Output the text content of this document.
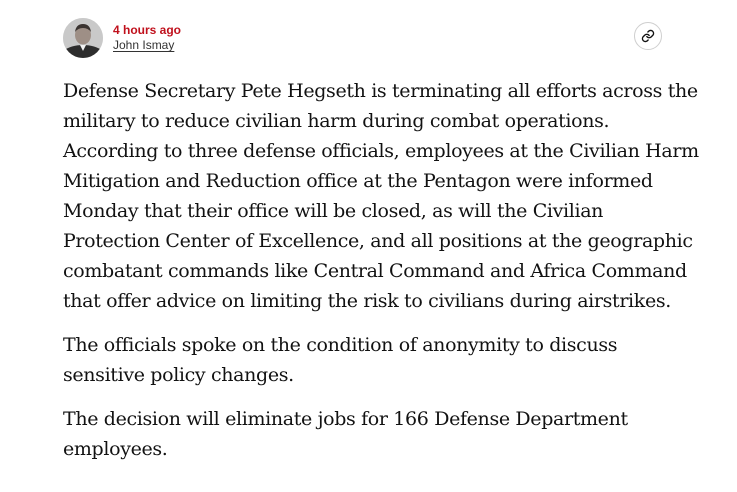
4 hours ago
John Ismay

Defense Secretary Pete Hegseth is terminating all efforts across the military to reduce civilian harm during combat operations. According to three defense officials, employees at the Civilian Harm Mitigation and Reduction office at the Pentagon were informed Monday that their office will be closed, as will the Civilian Protection Center of Excellence, and all positions at the geographic combatant commands like Central Command and Africa Command that offer advice on limiting the risk to civilians during airstrikes.

The officials spoke on the condition of anonymity to discuss sensitive policy changes.

The decision will eliminate jobs for 166 Defense Department employees.
